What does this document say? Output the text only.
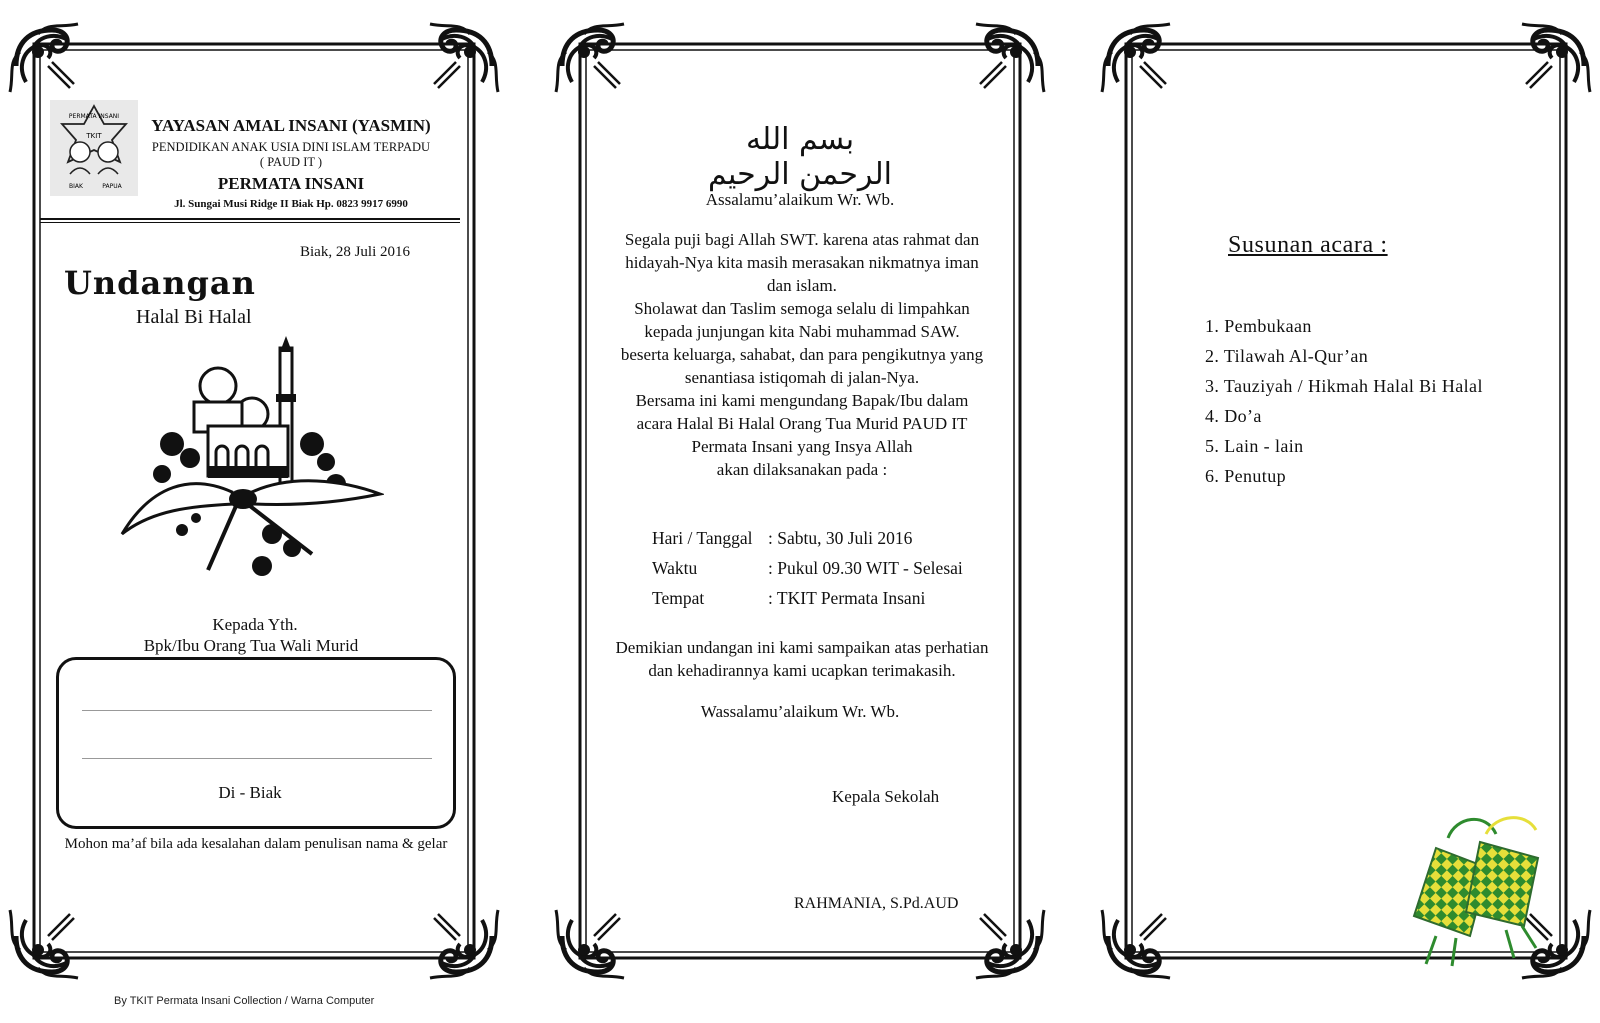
PERMATA INSANI
TKIT
BIAK	PAPUA
YAYASAN AMAL INSANI (YASMIN)
PENDIDIKAN ANAK USIA DINI ISLAM TERPADU
( PAUD IT )
PERMATA INSANI
Jl. Sungai Musi Ridge II Biak Hp. 0823 9917 6990
Biak, 28 Juli 2016
Undangan
Halal Bi Halal
Kepada Yth.
Bpk/Ibu Orang Tua Wali Murid
Di - Biak
Mohon ma’af bila ada kesalahan dalam penulisan nama & gelar
By TKIT Permata Insani Collection / Warna Computer
بسم الله الرحمن الرحيم
Assalamu’alaikum Wr. Wb.
Segala puji bagi Allah SWT. karena atas rahmat dan
hidayah-Nya kita masih merasakan nikmatnya iman
dan islam.
Sholawat dan Taslim semoga selalu di limpahkan
kepada junjungan kita Nabi muhammad SAW.
beserta keluarga, sahabat, dan para pengikutnya yang
senantiasa istiqomah di jalan-Nya.
Bersama ini kami mengundang Bapak/Ibu dalam
acara Halal Bi Halal Orang Tua Murid PAUD IT
Permata Insani yang Insya Allah
akan dilaksanakan pada :
Hari / Tanggal : Sabtu, 30 Juli 2016
Waktu	: Pukul 09.30 WIT - Selesai
Tempat	: TKIT Permata Insani
Demikian undangan ini kami sampaikan atas perhatian
dan kehadirannya kami ucapkan terimakasih.
Wassalamu’alaikum Wr. Wb.
Kepala Sekolah
RAHMANIA, S.Pd.AUD
Susunan acara :
1. Pembukaan
2. Tilawah Al-Qur’an
3. Tauziyah / Hikmah Halal Bi Halal
4. Do’a
5. Lain - lain
6. Penutup
